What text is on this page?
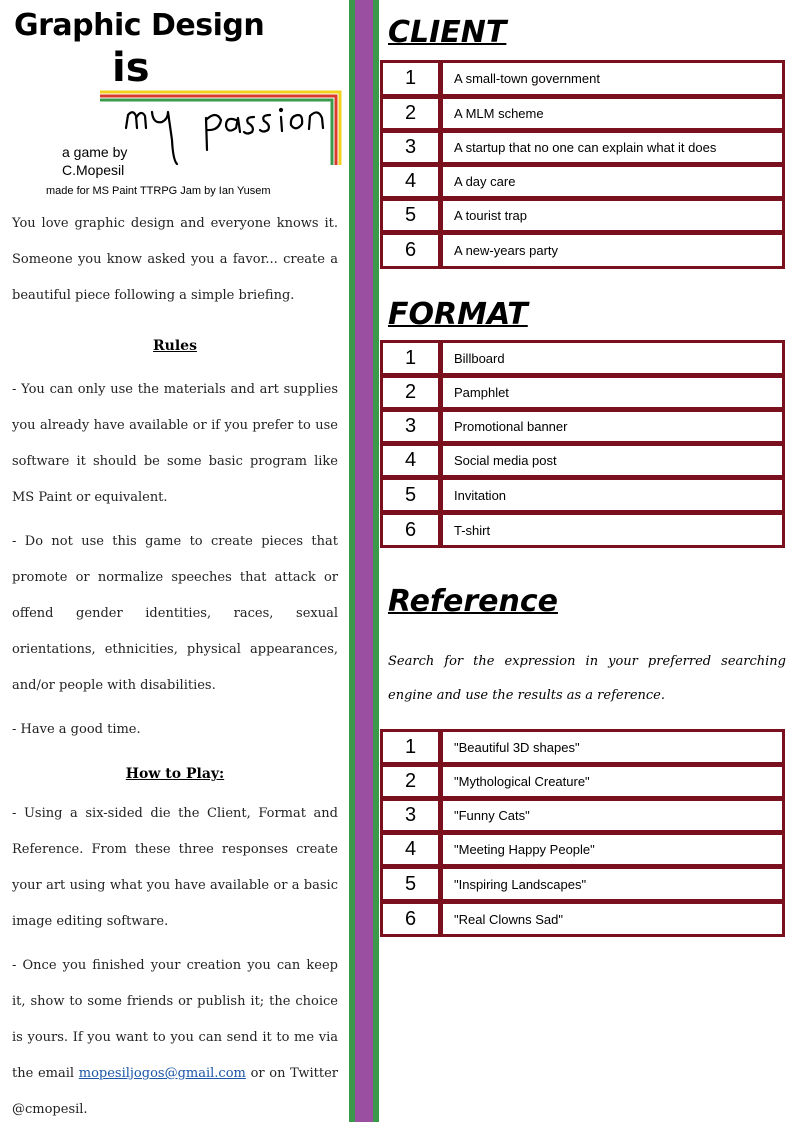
Graphic Design
is
a game by
C.Mopesil
made for MS Paint TTRPG Jam by Ian Yusem

You love graphic design and everyone knows it. Someone you know asked you a favor... create a beautiful piece following a simple briefing.

Rules

- You can only use the materials and art supplies you already have available or if you prefer to use software it should be some basic program like MS Paint or equivalent.

- Do not use this game to create pieces that promote or normalize speeches that attack or offend gender identities, races, sexual orientations, ethnicities, physical appearances, and/or people with disabilities.

- Have a good time.

How to Play:

- Using a six-sided die the Client, Format and Reference. From these three responses create your art using what you have available or a basic image editing software.

- Once you finished your creation you can keep it, show to some friends or publish it; the choice is yours. If you want to you can send it to me via the email mopesiljogos@gmail.com or on Twitter @cmopesil.

CLIENT
1	A small-town government
2	A MLM scheme
3	A startup that no one can explain what it does
4	A day care
5	A tourist trap
6	A new-years party
FORMAT
1	Billboard
2	Pamphlet
3	Promotional banner
4	Social media post
5	Invitation
6	T-shirt
Reference

Search for the expression in your preferred searching engine and use the results as a reference.

1	"Beautiful 3D shapes"
2	"Mythological Creature"
3	"Funny Cats"
4	"Meeting Happy People"
5	"Inspiring Landscapes"
6	"Real Clowns Sad"
